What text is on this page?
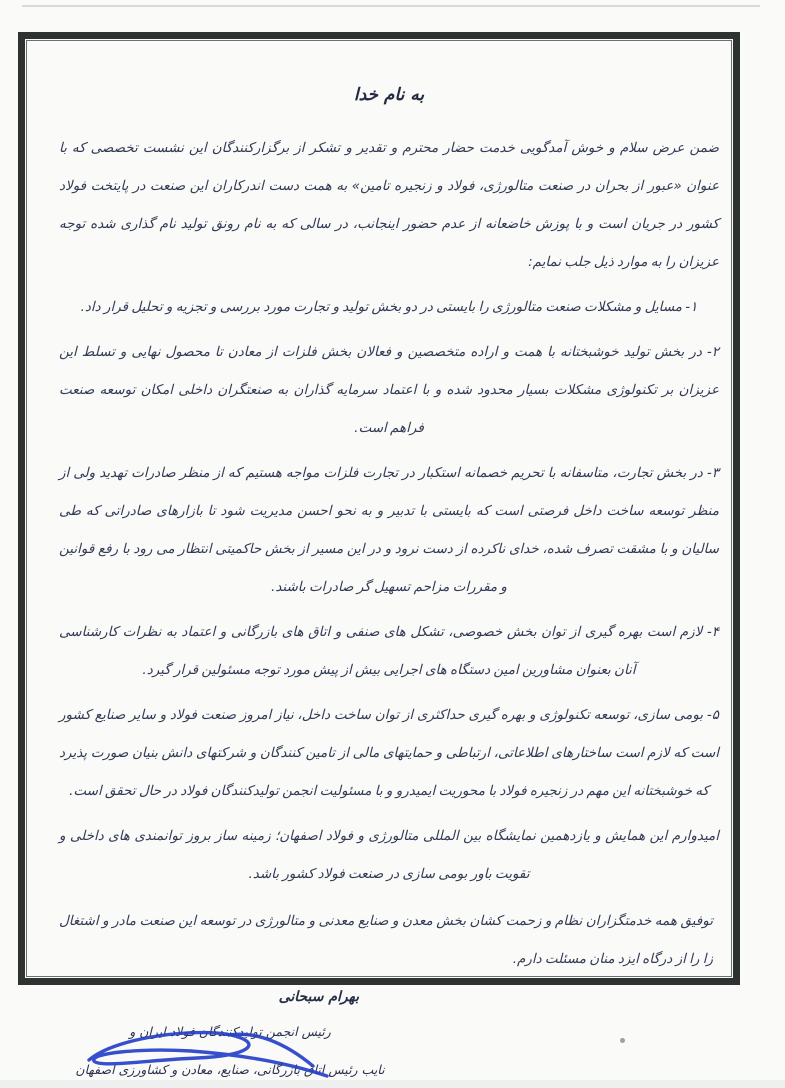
به نام خدا

ضمن عرض سلام و خوش آمدگویی خدمت حضار محترم و تقدیر و تشکر از برگزارکنندگان این نشست تخصصی که با عنوان «عبور از بحران در صنعت متالورژی، فولاد و زنجیره تامین» به همت دست اندرکاران این صنعت در پایتخت فولاد کشور در جریان است و با پوزش خاضعانه از عدم حضور اینجانب، در سالی که به نام رونق تولید نام گذاری شده توجه عزیزان را به موارد ذیل جلب نمایم:

۱- مسایل و مشکلات صنعت متالورژی را بایستی در دو بخش تولید و تجارت مورد بررسی و تجزیه و تحلیل قرار داد.

۲- در بخش تولید خوشبختانه با همت و اراده متخصصین و فعالان بخش فلزات از معادن تا محصول نهایی و تسلط این عزیزان بر تکنولوژی مشکلات بسیار محدود شده و با اعتماد سرمایه گذاران به صنعتگران داخلی امکان توسعه صنعت فراهم است.

۳- در بخش تجارت، متاسفانه با تحریم خصمانه استکبار در تجارت فلزات مواجه هستیم که از منظر صادرات تهدید ولی از منظر توسعه ساخت داخل فرصتی است که بایستی با تدبیر و به نحو احسن مدیریت شود تا بازارهای صادراتی که طی سالیان و با مشقت تصرف شده، خدای ناکرده از دست نرود و در این مسیر از بخش حاکمیتی انتظار می رود با رفع قوانین و مقررات مزاحم تسهیل گر صادرات باشند.

۴- لازم است بهره گیری از توان بخش خصوصی، تشکل های صنفی و اتاق های بازرگانی و اعتماد به نظرات کارشناسی آنان بعنوان مشاورین امین دستگاه های اجرایی بیش از پیش مورد توجه مسئولین قرار گیرد.

۵- بومی سازی، توسعه تکنولوژی و بهره گیری حداکثری از توان ساخت داخل، نیاز امروز صنعت فولاد و سایر صنایع کشور است که لازم است ساختارهای اطلاعاتی، ارتباطی و حمایتهای مالی از تامین کنندگان و شرکتهای دانش بنیان صورت پذیرد که خوشبختانه این مهم در زنجیره فولاد با محوریت ایمیدرو و با مسئولیت انجمن تولیدکنندگان فولاد در حال تحقق است.

امیدوارم این همایش و یازدهمین نمایشگاه بین المللی متالورژی و فولاد اصفهان؛ زمینه ساز بروز توانمندی های داخلی و تقویت باور بومی سازی در صنعت فولاد کشور باشد.

توفیق همه خدمتگزاران نظام و زحمت کشان بخش معدن و صنایع معدنی و متالورژی در توسعه این صنعت مادر و اشتغال زا را از درگاه ایزد منان مسئلت دارم.

بهرام سبحانی
رئیس انجمن تولیدکنندگان فولاد ایران و
نایب رئیس اتاق بازرگانی، صنایع، معادن و کشاورزی اصفهان
